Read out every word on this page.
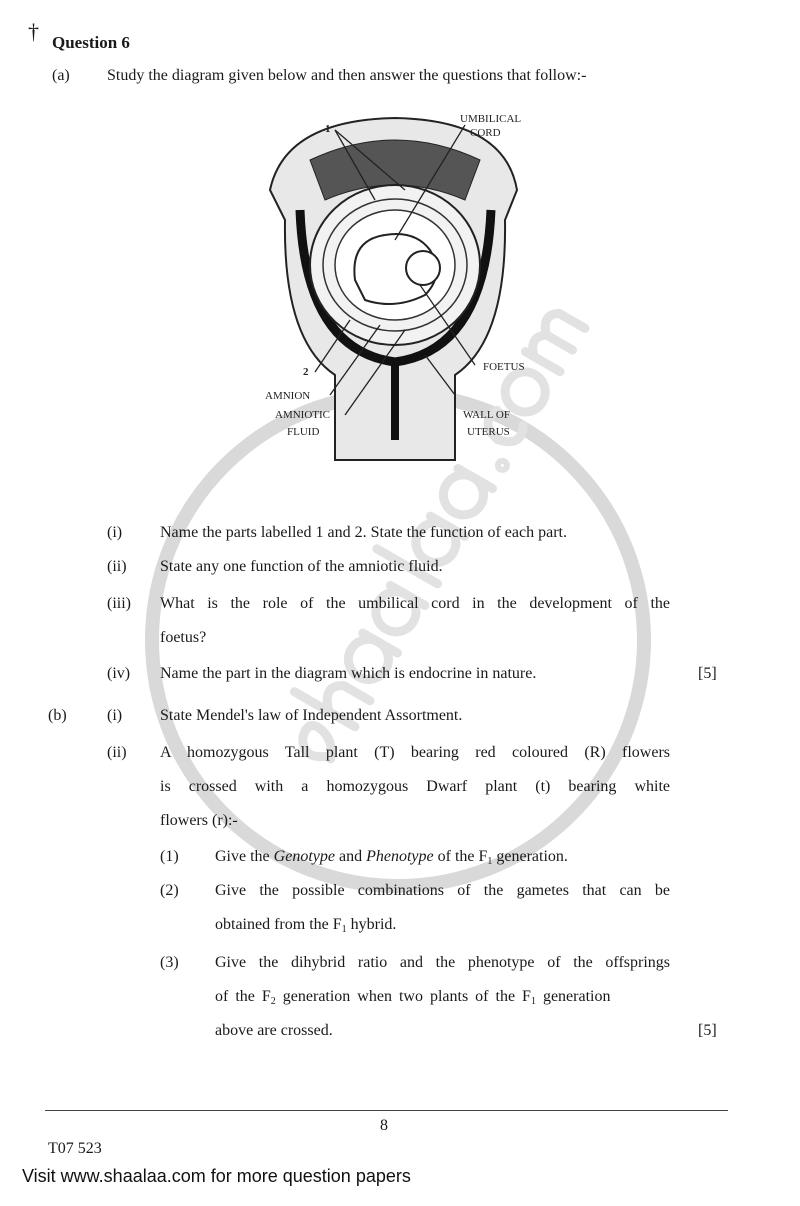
† Question 6
(a) Study the diagram given below and then answer the questions that follow:-
1
2
UMBILICAL
CORD
FOETUS
AMNION
AMNIOTIC
FLUID
WALL OF
UTERUS
(i) Name the parts labelled 1 and 2. State the function of each part.
(ii) State any one function of the amniotic fluid.
(iii) What is the role of the umbilical cord in the development of the
foetus?
(iv) Name the part in the diagram which is endocrine in nature.	[5]
(b)	(i) State Mendel's law of Independent Assortment.
(ii) A homozygous Tall plant (T) bearing red coloured (R) flowers
is crossed with a homozygous Dwarf plant (t) bearing white
flowers (r):-
(1) Give the Genotype and Phenotype of the $F_1$ generation.
(2) Give the possible combinations of the gametes that can be
obtained from the $F_1$ hybrid.
(3) Give the dihybrid ratio and the phenotype of the offsprings
of the $F_2$ generation when two plants of the $F_1$ generation
above are crossed.	[5]
8
T07 523
Visit www.shaalaa.com for more question papers
